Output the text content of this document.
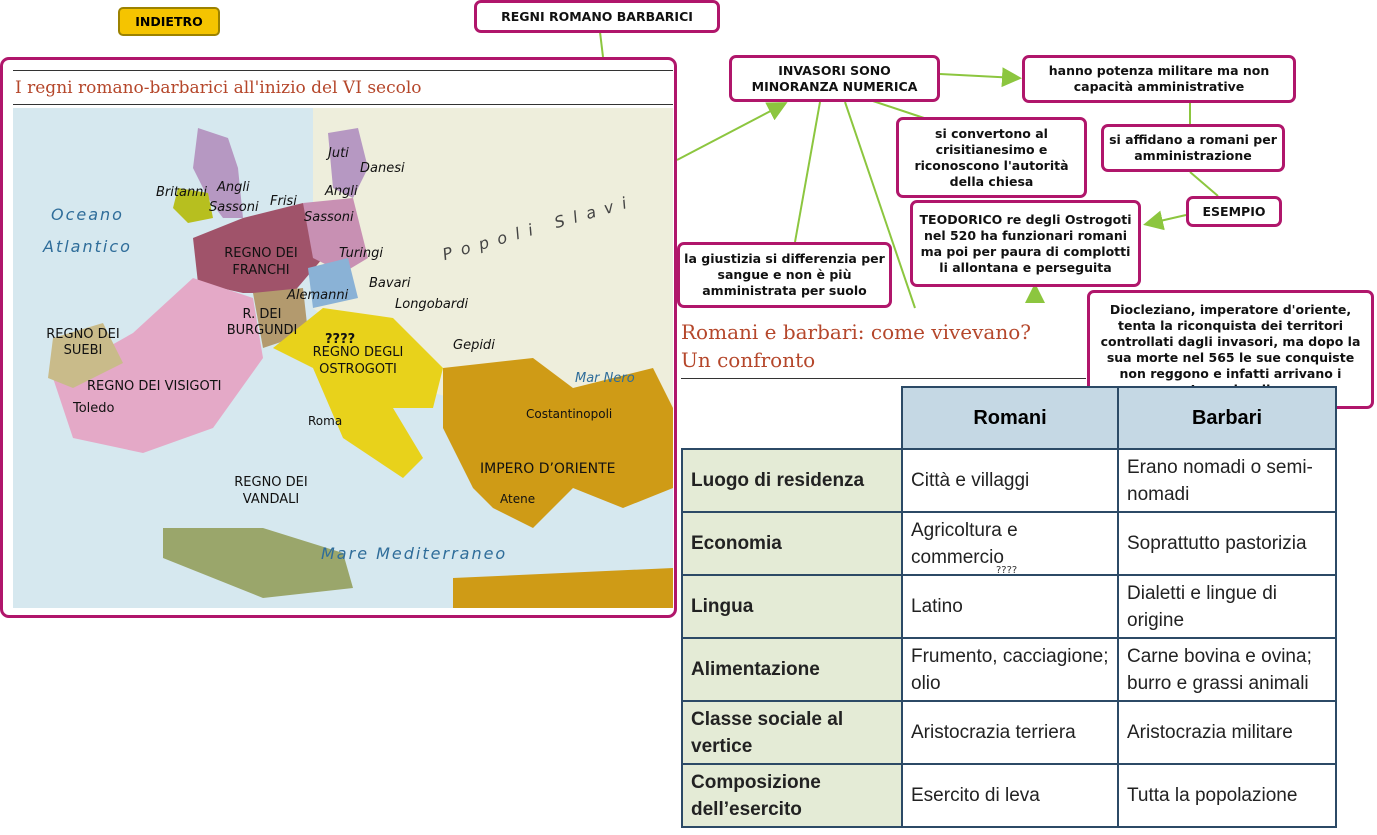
INDIETRO	REGNI ROMANO BARBARICI
INVASORI SONO MINORANZA NUMERICA
hanno potenza militare ma non capacità amministrative
si affidano a romani per amministrazione
si convertono al crisitianesimo e riconoscono l'autorità della chiesa
ESEMPIO
TEODORICO re degli Ostrogoti nel 520 ha funzionari romani ma poi per paura di complotti li allontana e perseguita
la giustizia si differenzia per sangue e non è più amministrata per suolo
Diocleziano, imperatore d'oriente, tenta la riconquista dei territori controllati dagli invasori, ma dopo la sua morte nel 565 le sue conquiste non reggono e infatti arrivano i
I regni romano-barbarici all'inizio del VI secolo
Oceano
Atlantico
Britanni Angli
Sassoni Frisi
Juti
Danesi
Angli
Sassoni	Popoli Slavi
REGNO DEI FRANCHI
Turingi
Alemanni
Bavari
Longobardi
R. DEI BURGUNDI
REGNO DEI SUEBI
REGNO DEI VISIGOTI
Toledo
????
REGNO DEGLI OSTROGOTI
Gepidi
Mar Nero
Roma	Costantinopoli
IMPERO D’ORIENTE
REGNO DEI VANDALI	Atene
Mare Mediterraneo
Romani e barbari: come vivevano?
Un confronto
	Romani	Barbari
Luogo di residenza	Città e villaggi	Erano nomadi o semi-nomadi
Economia	Agricoltura e commercio	Soprattutto pastorizia
Lingua	Latino	Dialetti e lingue di origine
Alimentazione	Frumento, cacciagione; olio	Carne bovina e ovina; burro e grassi animali
Classe sociale al vertice	Aristocrazia terriera	Aristocrazia militare
Composizione dell’esercito	Esercito di leva	Tutta la popolazione
????
